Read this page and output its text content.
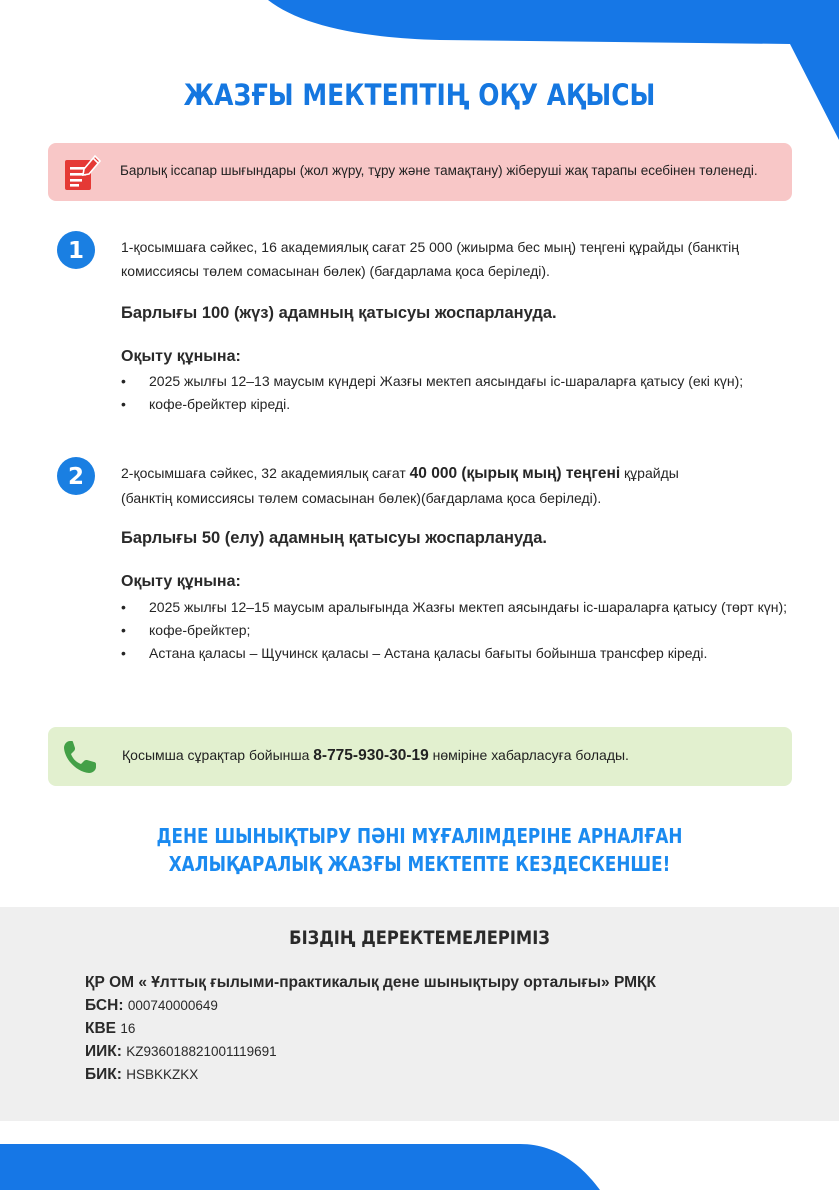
ЖАЗҒЫ МЕКТЕПТІҢ ОҚУ АҚЫСЫ
Барлық іссапар шығындары (жол жүру, тұру және тамақтану) жіберуші жақ тарапы есебінен төленеді.
1	1-қосымшаға сәйкес, 16 академиялық сағат 25 000 (жиырма бес мың) теңгені құрайды (банктің
комиссиясы төлем сомасынан бөлек) (бағдарлама қоса беріледі).
Барлығы 100 (жүз) адамның қатысуы жоспарлануда.
Оқыту құнына:
• 2025 жылғы 12–13 маусым күндері Жазғы мектеп аясындағы іс-шараларға қатысу (екі күн);
• кофе-брейктер кіреді.
2	2-қосымшаға сәйкес, 32 академиялық сағат 40 000 (қырық мың) теңгені құрайды
(банктің комиссиясы төлем сомасынан бөлек)(бағдарлама қоса беріледі).
Барлығы 50 (елу) адамның қатысуы жоспарлануда.
Оқыту құнына:
• 2025 жылғы 12–15 маусым аралығында Жазғы мектеп аясындағы іс-шараларға қатысу (төрт күн);
• кофе-брейктер;
• Астана қаласы – Щучинск қаласы – Астана қаласы бағыты бойынша трансфер кіреді.
Қосымша сұрақтар бойынша 8-775-930-30-19 нөміріне хабарласуға болады.
ДЕНЕ ШЫНЫҚТЫРУ ПӘНІ МҰҒАЛІМДЕРІНЕ АРНАЛҒАН
ХАЛЫҚАРАЛЫҚ ЖАЗҒЫ МЕКТЕПТЕ КЕЗДЕСКЕНШЕ!
БІЗДІҢ ДЕРЕКТЕМЕЛЕРІМІЗ
ҚР ОМ « Ұлттық ғылыми-практикалық дене шынықтыру орталығы» РМҚК
БСН: 000740000649
КВЕ 16
ИИК: KZ936018821001119691
БИК: HSBKKZKX
